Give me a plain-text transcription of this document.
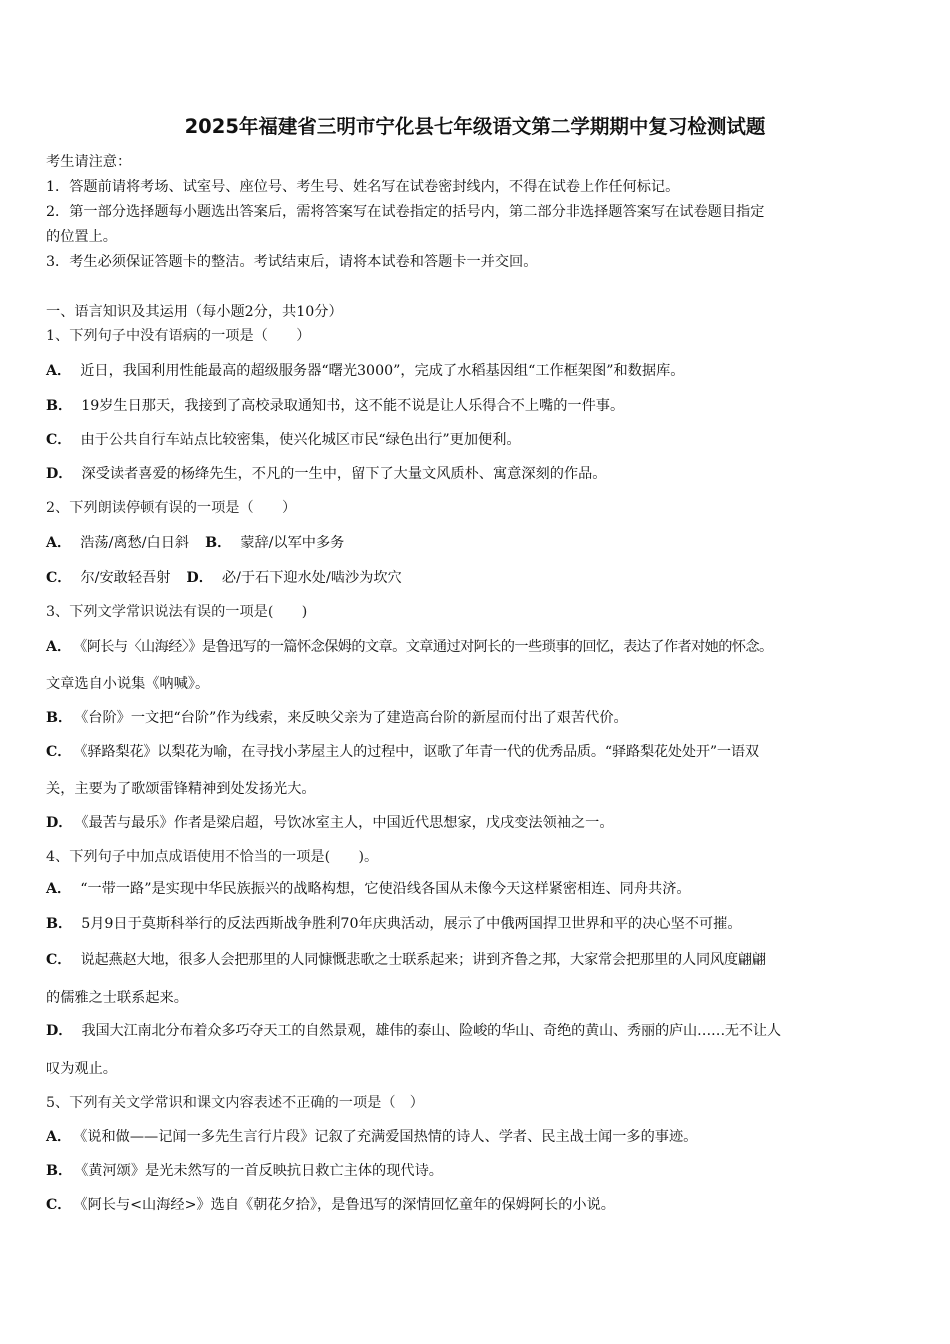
2025年福建省三明市宁化县七年级语文第二学期期中复习检测试题
考生请注意：
1．答题前请将考场、试室号、座位号、考生号、姓名写在试卷密封线内，不得在试卷上作任何标记。
2．第一部分选择题每小题选出答案后，需将答案写在试卷指定的括号内，第二部分非选择题答案写在试卷题目指定
的位置上。
3．考生必须保证答题卡的整洁。考试结束后，请将本试卷和答题卡一并交回。
一、语言知识及其运用（每小题2分，共10分）
1、下列句子中没有语病的一项是（　　）
A． 近日，我国利用性能最高的超级服务器“曙光3000”，完成了水稻基因组“工作框架图”和数据库。
B． 19岁生日那天，我接到了高校录取通知书，这不能不说是让人乐得合不上嘴的一件事。
C． 由于公共自行车站点比较密集，使兴化城区市民“绿色出行”更加便利。
D． 深受读者喜爱的杨绛先生，不凡的一生中，留下了大量文风质朴、寓意深刻的作品。
2、下列朗读停顿有误的一项是（　　）
A． 浩荡/离愁/白日斜 B． 蒙辞/以军中多务
C． 尔/安敢轻吾射 D． 必/于石下迎水处/啮沙为坎穴
3、下列文学常识说法有误的一项是(　　)
A． 《阿长与〈山海经〉》是鲁迅写的一篇怀念保姆的文章。文章通过对阿长的一些琐事的回忆，表达了作者对她的怀念。
文章选自小说集《呐喊》。
B． 《台阶》一文把“台阶”作为线索，来反映父亲为了建造高台阶的新屋而付出了艰苦代价。
C． 《驿路梨花》以梨花为喻，在寻找小茅屋主人的过程中，讴歌了年青一代的优秀品质。“驿路梨花处处开”一语双
关，主要为了歌颂雷锋精神到处发扬光大。
D． 《最苦与最乐》作者是梁启超，号饮冰室主人，中国近代思想家，戊戌变法领袖之一。
4、下列句子中加点成语使用不恰当的一项是(　　)。
A． “一带一路”是实现中华民族振兴的战略构想，它使沿线各国从未像今天这样紧密相连、同舟共济。
B． 5月9日于莫斯科举行的反法西斯战争胜利70年庆典活动，展示了中俄两国捍卫世界和平的决心坚不可摧。
C． 说起燕赵大地，很多人会把那里的人同慷慨悲歌之士联系起来；讲到齐鲁之邦，大家常会把那里的人同风度翩翩
的儒雅之士联系起来。
D． 我国大江南北分布着众多巧夺天工的自然景观，雄伟的泰山、险峻的华山、奇绝的黄山、秀丽的庐山……无不让人
叹为观止。
5、下列有关文学常识和课文内容表述不正确的一项是（　）
A． 《说和做——记闻一多先生言行片段》记叙了充满爱国热情的诗人、学者、民主战士闻一多的事迹。
B． 《黄河颂》是光未然写的一首反映抗日救亡主体的现代诗。
C． 《阿长与<山海经>》选自《朝花夕拾》，是鲁迅写的深情回忆童年的保姆阿长的小说。
